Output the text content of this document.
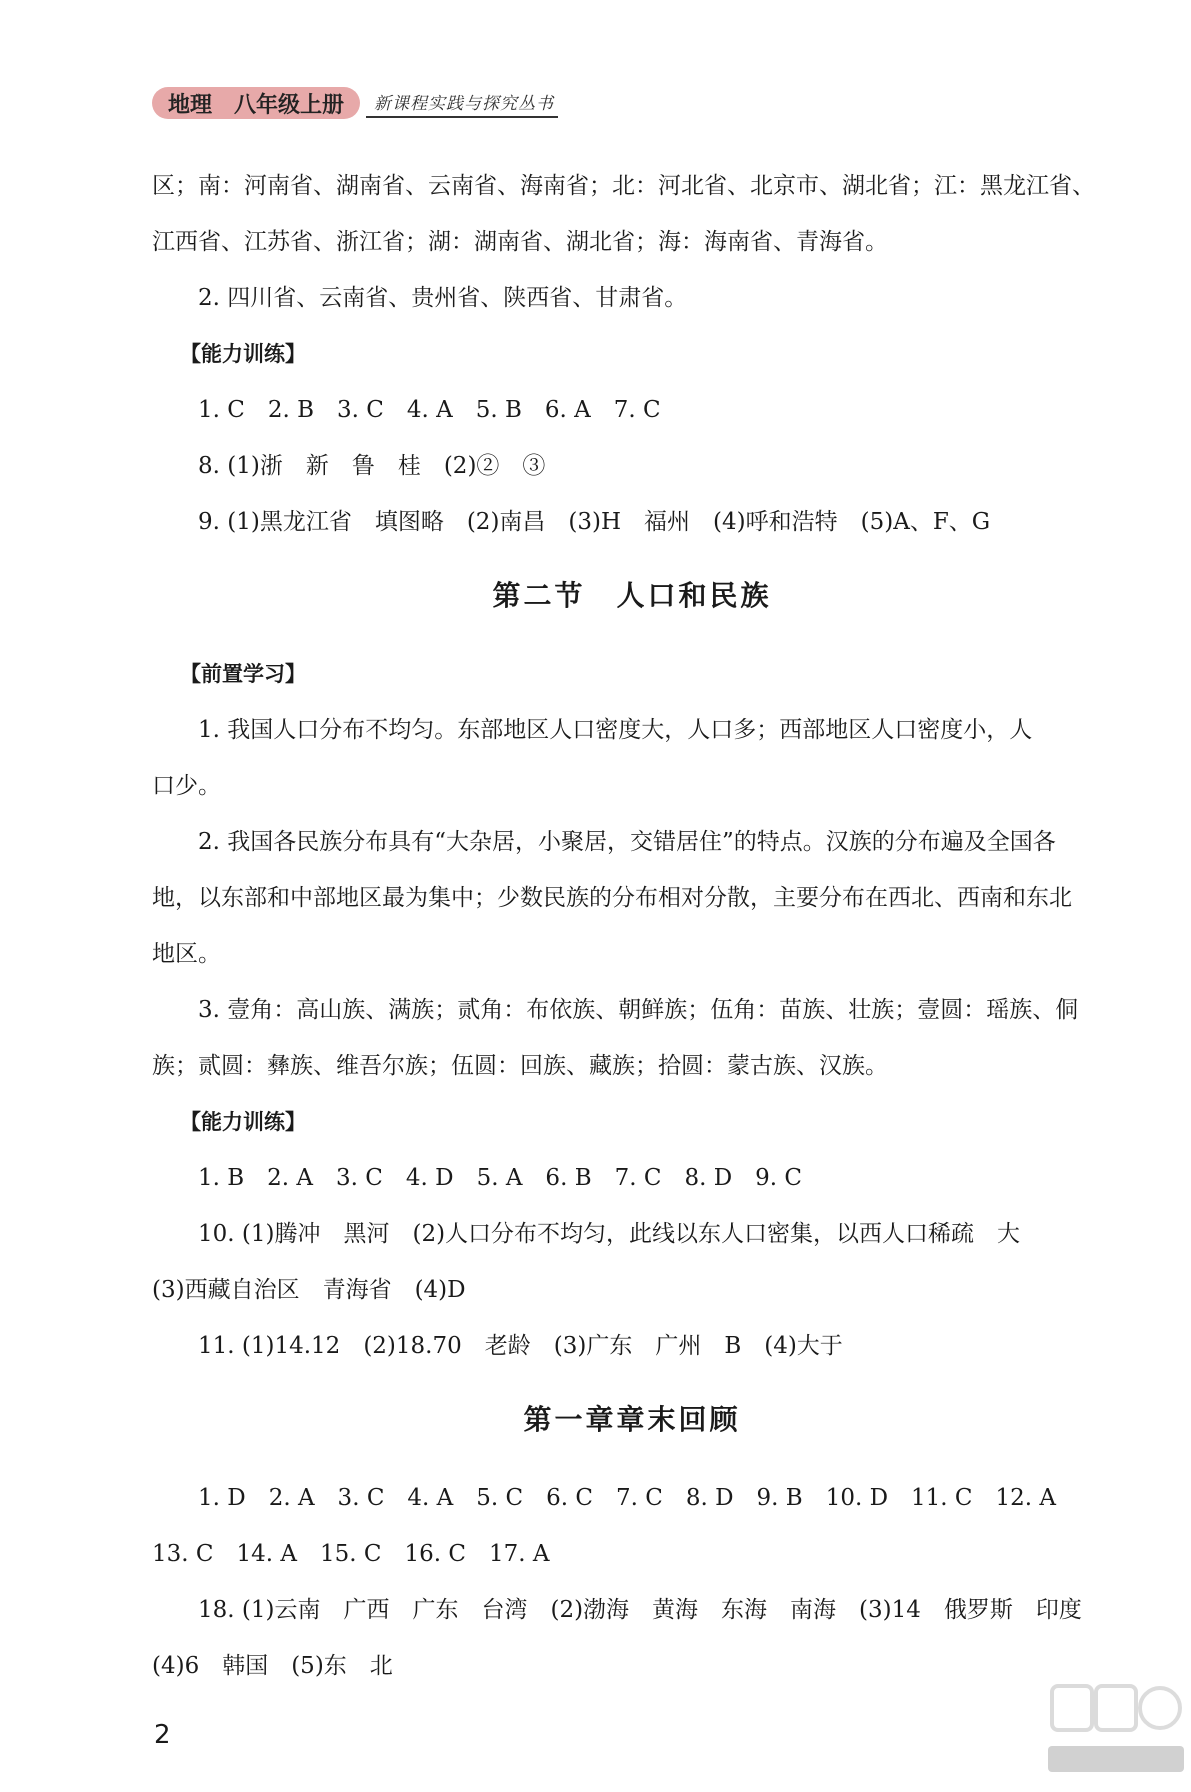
地理 八年级上册	新课程实践与探究丛书

区；南：河南省、湖南省、云南省、海南省；北：河北省、北京市、湖北省；江：黑龙江省、

江西省、江苏省、浙江省；湖：湖南省、湖北省；海：海南省、青海省。

2. 四川省、云南省、贵州省、陕西省、甘肃省。

【能力训练】

1. C　2. B　3. C　4. A　5. B　6. A　7. C

8. (1)浙　新　鲁　桂　(2)②　③

9. (1)黑龙江省　填图略　(2)南昌　(3)H　福州　(4)呼和浩特　(5)A、F、G

第二节　人口和民族
【前置学习】

1. 我国人口分布不均匀。东部地区人口密度大，人口多；西部地区人口密度小，人

口少。

2. 我国各民族分布具有“大杂居，小聚居，交错居住”的特点。汉族的分布遍及全国各

地，以东部和中部地区最为集中；少数民族的分布相对分散，主要分布在西北、西南和东北

地区。

3. 壹角：高山族、满族；贰角：布依族、朝鲜族；伍角：苗族、壮族；壹圆：瑶族、侗

族；贰圆：彝族、维吾尔族；伍圆：回族、藏族；拾圆：蒙古族、汉族。

【能力训练】

1. B　2. A　3. C　4. D　5. A　6. B　7. C　8. D　9. C

10. (1)腾冲　黑河　(2)人口分布不均匀，此线以东人口密集，以西人口稀疏　大

(3)西藏自治区　青海省　(4)D

11. (1)14.12　(2)18.70　老龄　(3)广东　广州　B　(4)大于

第一章章末回顾

1. D　2. A　3. C　4. A　5. C　6. C　7. C　8. D　9. B　10. D　11. C　12. A

13. C　14. A　15. C　16. C　17. A

18. (1)云南　广西　广东　台湾　(2)渤海　黄海　东海　南海　(3)14　俄罗斯　印度

(4)6　韩国　(5)东　北

2
